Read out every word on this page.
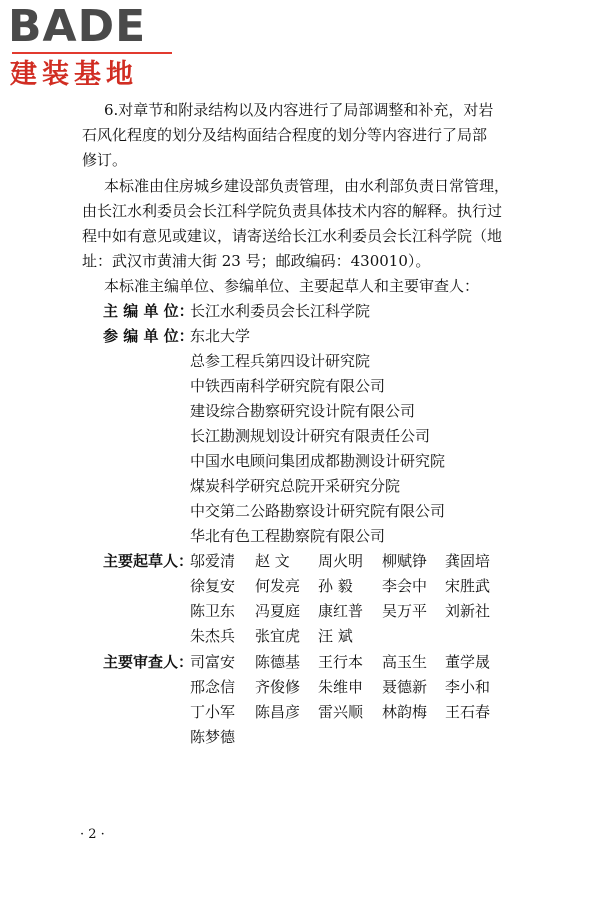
BADE
建装基地
6.对章节和附录结构以及内容进行了局部调整和补充，对岩
石风化程度的划分及结构面结合程度的划分等内容进行了局部
修订。
本标准由住房城乡建设部负责管理，由水利部负责日常管理，
由长江水利委员会长江科学院负责具体技术内容的解释。执行过
程中如有意见或建议，请寄送给长江水利委员会长江科学院（地
址：武汉市黄浦大街 23 号；邮政编码：430010）。
本标准主编单位、参编单位、主要起草人和主要审查人：
主 编 单 位：
长江水利委员会长江科学院
参 编 单 位：
东北大学
总参工程兵第四设计研究院
中铁西南科学研究院有限公司
建设综合勘察研究设计院有限公司
长江勘测规划设计研究有限责任公司
中国水电顾问集团成都勘测设计研究院
煤炭科学研究总院开采研究分院
中交第二公路勘察设计研究院有限公司
华北有色工程勘察院有限公司
主要起草人：
邬爱清 赵 文 周火明 柳赋铮 龚固培
徐复安 何发亮 孙 毅 李会中 宋胜武
陈卫东 冯夏庭 康红普 吴万平 刘新社
朱杰兵 张宜虎 汪 斌
主要审查人：
司富安 陈德基 王行本 高玉生 董学晟
邢念信 齐俊修 朱维申 聂德新 李小和
丁小军 陈昌彦 雷兴顺 林韵梅 王石春
陈梦德
· 2 ·
